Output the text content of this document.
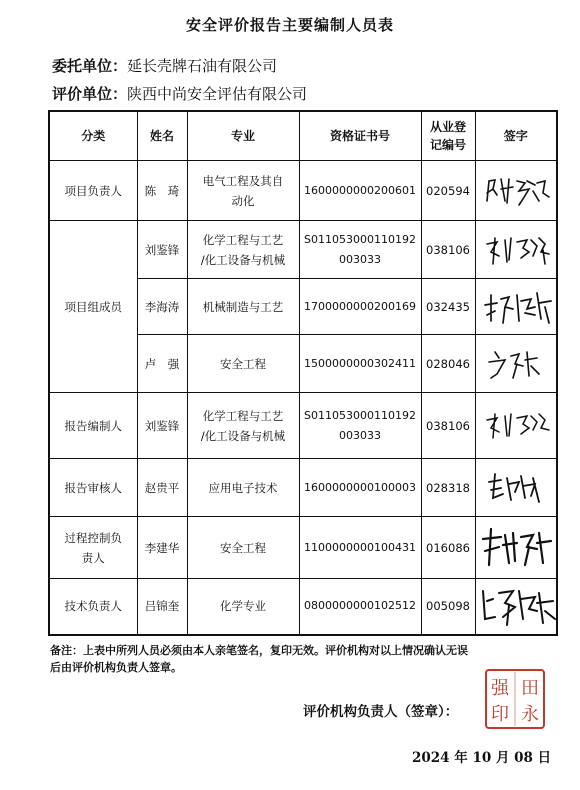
安全评价报告主要编制人员表
委托单位：延长壳牌石油有限公司
评价单位：陕西中尚安全评估有限公司
分类	姓名	专业	资格证书号	从业登
记编号	签字
项目负责人	陈　琦	电气工程及其自
动化	1600000000200601	020594	

项目组成员	刘鉴锋	化学工程与工艺
/化工设备与机械	S011053000110192
003033	038106	

	李海涛	机械制造与工艺	1700000000200169	032435	

	卢　强	安全工程	1500000000302411	028046	

报告编制人	刘鉴锋	化学工程与工艺
/化工设备与机械	S011053000110192
003033	038106	

报告审核人	赵贵平	应用电子技术	1600000000100003	028318	

过程控制负
责人	李建华	安全工程	1100000000100431	016086	

技术负责人	吕锦奎	化学专业	0800000000102512	005098	
备注：上表中所列人员必须由本人亲笔签名，复印无效。评价机构对以上情况确认无误
后由评价机构负责人签章。
评价机构负责人（签章）：
田
强
永
印
2024 年 10 月 08 日
